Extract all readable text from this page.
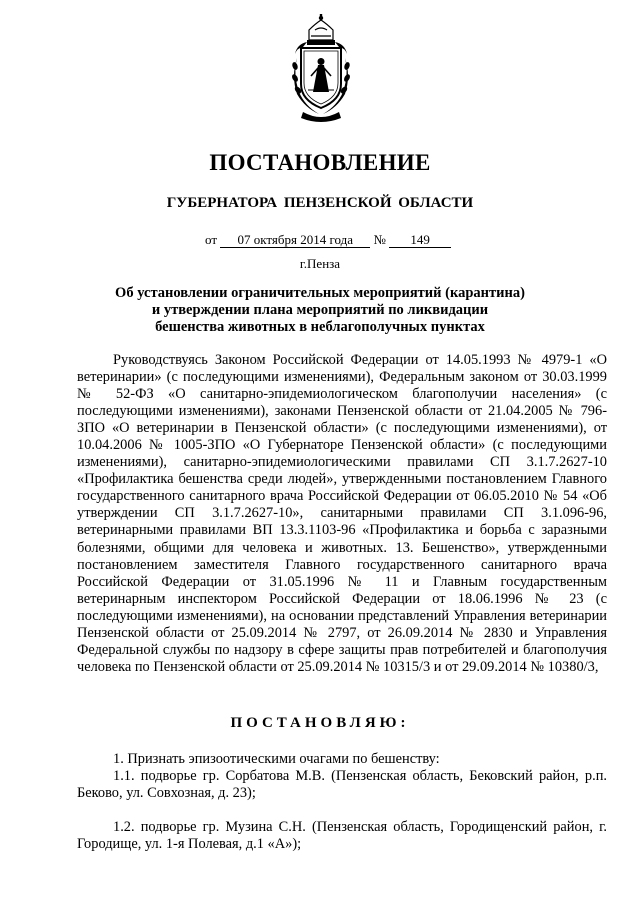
ПОСТАНОВЛЕНИЕ
ГУБЕРНАТОРА ПЕНЗЕНСКОЙ ОБЛАСТИ
от 07 октября 2014 года № 149
г.Пенза
Об установлении ограничительных мероприятий (карантина)
и утверждении плана мероприятий по ликвидации
бешенства животных в неблагополучных пунктах

Руководствуясь Законом Российской Федерации от 14.05.1993 № 4979-1 «О ветеринарии» (с последующими изменениями), Федеральным законом от 30.03.1999 № 52-ФЗ «О санитарно-эпидемиологическом благополучии населения» (с последующими изменениями), законами Пензенской области от 21.04.2005 № 796-ЗПО «О ветеринарии в Пензенской области» (с последующими изменениями), от 10.04.2006 № 1005-ЗПО «О Губернаторе Пензенской области» (с последующими изменениями), санитарно-эпидемиологическими правилами СП 3.1.7.2627-10 «Профилактика бешенства среди людей», утвержденными постановлением Главного государственного санитарного врача Российской Федерации от 06.05.2010 № 54 «Об утверждении СП 3.1.7.2627-10», санитарными правилами СП 3.1.096-96, ветеринарными правилами ВП 13.3.1103-96 «Профилактика и борьба с заразными болезнями, общими для человека и животных. 13. Бешенство», утвержденными постановлением заместителя Главного государственного санитарного врача Российской Федерации от 31.05.1996 № 11 и Главным государственным ветеринарным инспектором Российской Федерации от 18.06.1996 № 23 (с последующими изменениями), на основании представлений Управления ветеринарии Пензенской области от 25.09.2014 № 2797, от 26.09.2014 № 2830 и Управления Федеральной службы по надзору в сфере защиты прав потребителей и благополучия человека по Пензенской области от 25.09.2014 № 10315/3 и от 29.09.2014 № 10380/3,

ПОСТАНОВЛЯЮ:

1. Признать эпизоотическими очагами по бешенству:

1.1. подворье гр. Сорбатова М.В. (Пензенская область, Бековский район, р.п. Беково, ул. Совхозная, д. 23);

1.2. подворье гр. Музина С.Н. (Пензенская область, Городищенский район, г. Городище, ул. 1-я Полевая, д.1 «А»);
